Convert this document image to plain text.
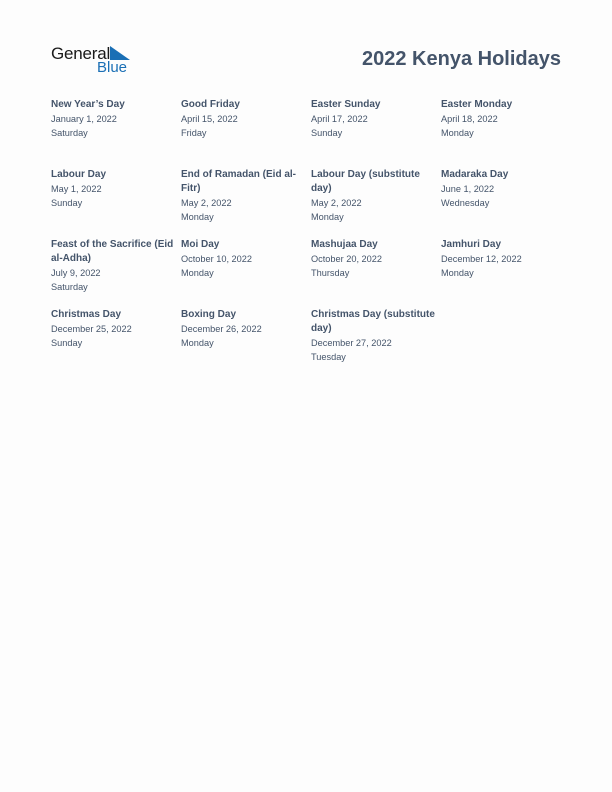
General
Blue	2022 Kenya Holidays
New Year’s Day
January 1, 2022
Saturday
Good Friday
April 15, 2022
Friday
Easter Sunday
April 17, 2022
Sunday
Easter Monday
April 18, 2022
Monday
Labour Day
May 1, 2022
Sunday
End of Ramadan (Eid al-Fitr)
May 2, 2022
Monday
Labour Day (substitute day)
May 2, 2022
Monday
Madaraka Day
June 1, 2022
Wednesday
Feast of the Sacrifice (Eid al-Adha)
July 9, 2022
Saturday
Moi Day
October 10, 2022
Monday
Mashujaa Day
October 20, 2022
Thursday
Jamhuri Day
December 12, 2022
Monday
Christmas Day
December 25, 2022
Sunday
Boxing Day
December 26, 2022
Monday
Christmas Day (substitute day)
December 27, 2022
Tuesday
